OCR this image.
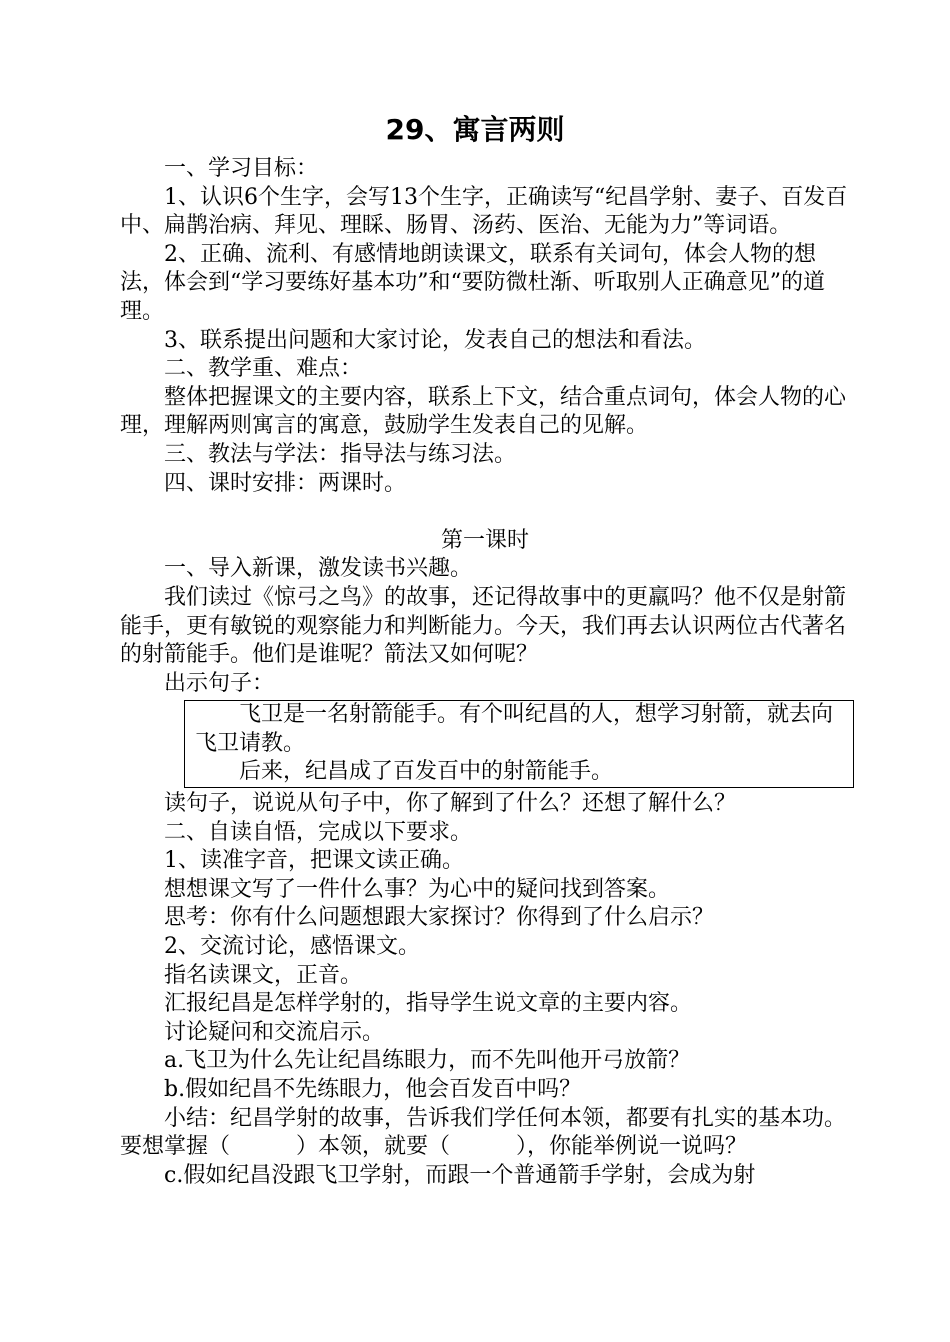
29、寓言两则

一、学习目标：

1、认识6个生字，会写13个生字，正确读写“纪昌学射、妻子、百发百中、扁鹊治病、拜见、理睬、肠胃、汤药、医治、无能为力”等词语。

2、正确、流利、有感情地朗读课文，联系有关词句，体会人物的想法，体会到“学习要练好基本功”和“要防微杜渐、听取别人正确意见”的道理。

3、联系提出问题和大家讨论，发表自己的想法和看法。

二、教学重、难点：

整体把握课文的主要内容，联系上下文，结合重点词句，体会人物的心理，理解两则寓言的寓意，鼓励学生发表自己的见解。

三、教法与学法：指导法与练习法。

四、课时安排：两课时。

第一课时

一、导入新课，激发读书兴趣。

我们读过《惊弓之鸟》的故事，还记得故事中的更羸吗？他不仅是射箭能手，更有敏锐的观察能力和判断能力。今天，我们再去认识两位古代著名的射箭能手。他们是谁呢？箭法又如何呢？

出示句子：

飞卫是一名射箭能手。有个叫纪昌的人，想学习射箭，就去向飞卫请教。

后来，纪昌成了百发百中的射箭能手。

读句子，说说从句子中，你了解到了什么？还想了解什么？

二、自读自悟，完成以下要求。

1、读准字音，把课文读正确。

想想课文写了一件什么事？为心中的疑问找到答案。

思考：你有什么问题想跟大家探讨？你得到了什么启示？

2、交流讨论，感悟课文。

指名读课文，正音。

汇报纪昌是怎样学射的，指导学生说文章的主要内容。

讨论疑问和交流启示。

a.飞卫为什么先让纪昌练眼力，而不先叫他开弓放箭？

b.假如纪昌不先练眼力，他会百发百中吗？

小结：纪昌学射的故事，告诉我们学任何本领，都要有扎实的基本功。要想掌握（　　　）本领，就要（　　　），你能举例说一说吗？

c.假如纪昌没跟飞卫学射，而跟一个普通箭手学射，会成为射
